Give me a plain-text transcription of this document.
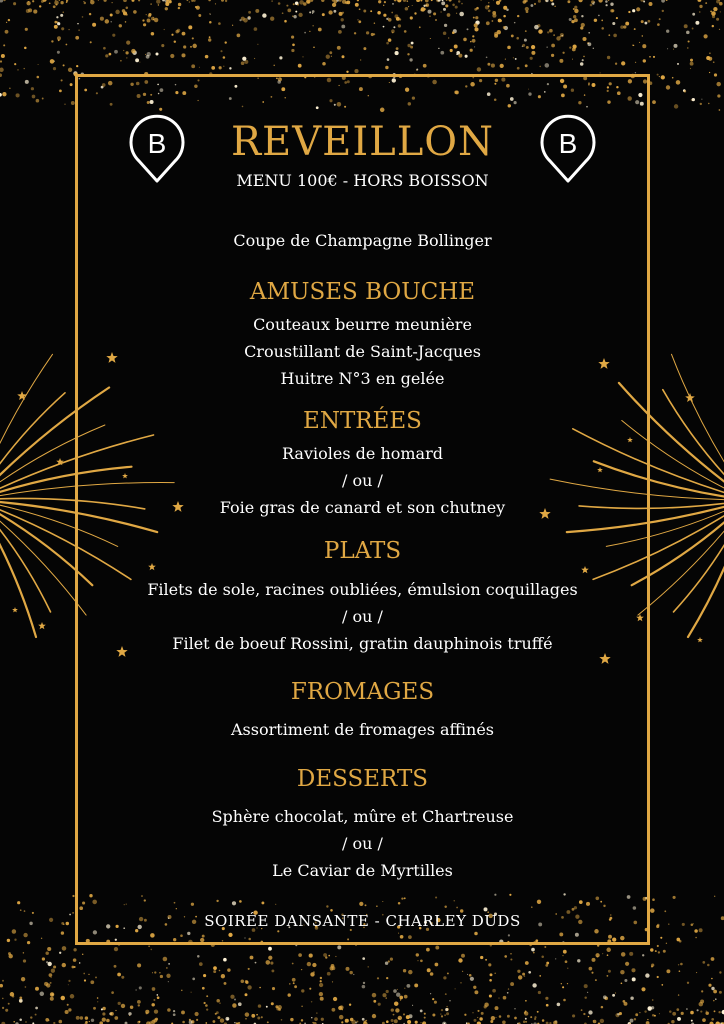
B	B
REVEILLON
MENU 100€ - HORS BOISSON
Coupe de Champagne Bollinger
AMUSES BOUCHE
Couteaux beurre meunière
Croustillant de Saint-Jacques
Huitre N°3 en gelée
ENTRÉES
Ravioles de homard
/ ou /
Foie gras de canard et son chutney
PLATS
Filets de sole, racines oubliées, émulsion coquillages
/ ou /
Filet de boeuf Rossini, gratin dauphinois truffé
FROMAGES
Assortiment de fromages affinés
DESSERTS
Sphère chocolat, mûre et Chartreuse
/ ou /
Le Caviar de Myrtilles
SOIRÉE DANSANTE - CHARLEY DUDS
